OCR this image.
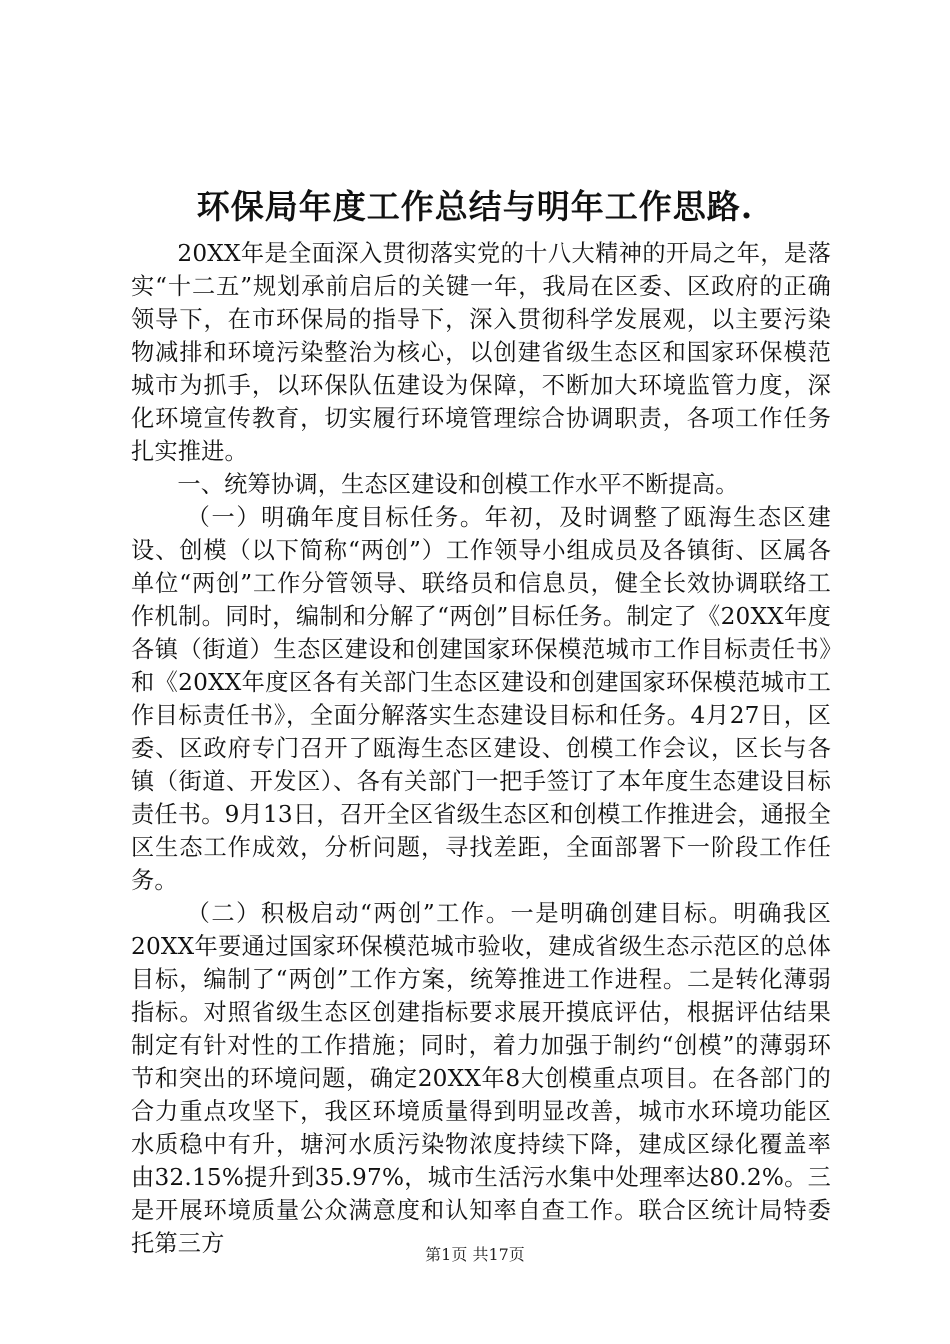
环保局年度工作总结与明年工作思路.

20XX年是全面深入贯彻落实党的十八大精神的开局之年，是落实“十二五”规划承前启后的关键一年，我局在区委、区政府的正确领导下，在市环保局的指导下，深入贯彻科学发展观，以主要污染物减排和环境污染整治为核心，以创建省级生态区和国家环保模范城市为抓手，以环保队伍建设为保障，不断加大环境监管力度，深化环境宣传教育，切实履行环境管理综合协调职责，各项工作任务扎实推进。

一、统筹协调，生态区建设和创模工作水平不断提高。

（一）明确年度目标任务。年初，及时调整了瓯海生态区建设、创模（以下简称“两创”）工作领导小组成员及各镇街、区属各单位“两创”工作分管领导、联络员和信息员，健全长效协调联络工作机制。同时，编制和分解了“两创”目标任务。制定了《20XX年度各镇（街道）生态区建设和创建国家环保模范城市工作目标责任书》和《20XX年度区各有关部门生态区建设和创建国家环保模范城市工作目标责任书》，全面分解落实生态建设目标和任务。4月27日，区委、区政府专门召开了瓯海生态区建设、创模工作会议，区长与各镇（街道、开发区）、各有关部门一把手签订了本年度生态建设目标责任书。9月13日，召开全区省级生态区和创模工作推进会，通报全区生态工作成效，分析问题，寻找差距，全面部署下一阶段工作任务。

（二）积极启动“两创”工作。一是明确创建目标。明确我区20XX年要通过国家环保模范城市验收，建成省级生态示范区的总体目标，编制了“两创”工作方案，统筹推进工作进程。二是转化薄弱指标。对照省级生态区创建指标要求展开摸底评估，根据评估结果制定有针对性的工作措施；同时，着力加强于制约“创模”的薄弱环节和突出的环境问题，确定20XX年8大创模重点项目。在各部门的合力重点攻坚下，我区环境质量得到明显改善，城市水环境功能区水质稳中有升，塘河水质污染物浓度持续下降，建成区绿化覆盖率由32.15%提升到35.97%，城市生活污水集中处理率达80.2%。三是开展环境质量公众满意度和认知率自查工作。联合区统计局特委托第三方	第1页 共17页
